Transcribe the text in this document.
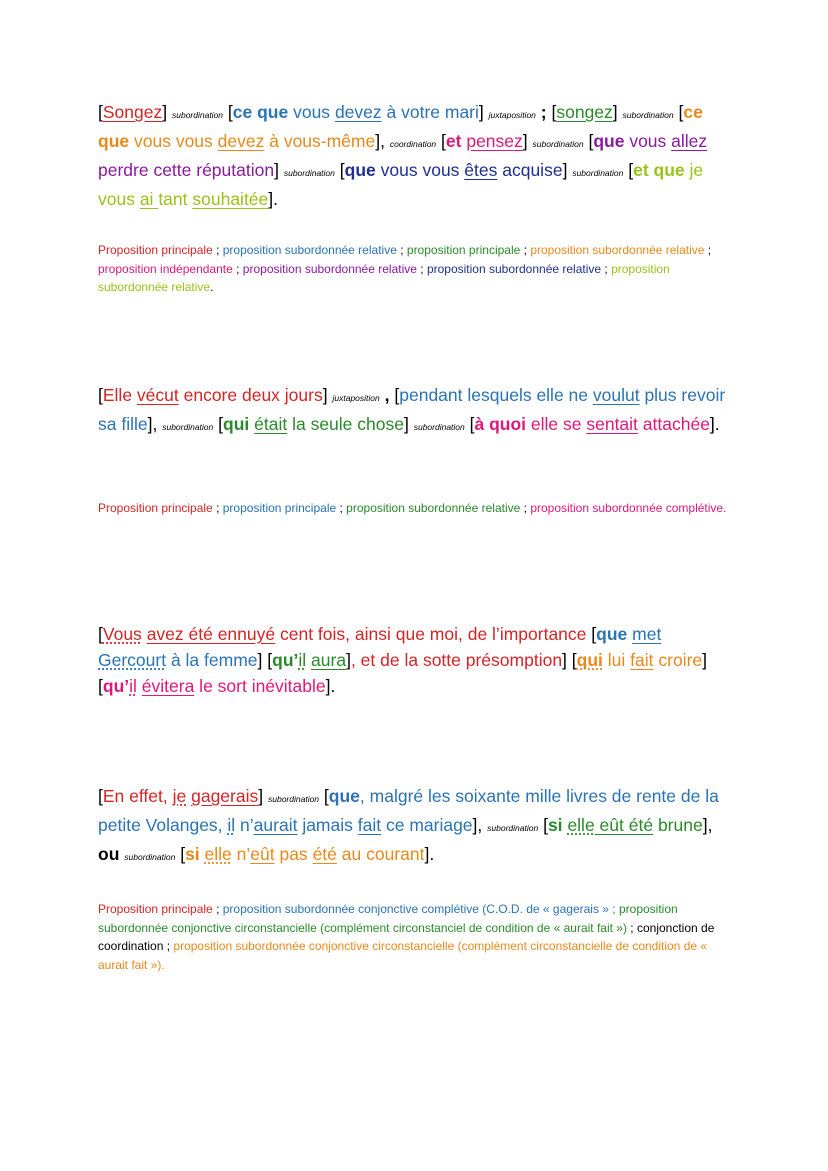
[Songez] subordination [ce que vous devez à votre mari] juxtaposition ; [songez] subordination [ce que vous vous devez à vous-même], coordination [et pensez] subordination [que vous allez perdre cette réputation] subordination [que vous vous êtes acquise] subordination [et que je vous ai tant souhaitée].
Proposition principale ; proposition subordonnée relative ; proposition principale ; proposition subordonnée relative ; proposition indépendante ; proposition subordonnée relative ; proposition subordonnée relative ; proposition subordonnée relative.
[Elle vécut encore deux jours] juxtaposition , [pendant lesquels elle ne voulut plus revoir sa fille], subordination [qui était la seule chose] subordination [à quoi elle se sentait attachée].
Proposition principale ; proposition principale ; proposition subordonnée relative ; proposition subordonnée complétive.
[Vous avez été ennuyé cent fois, ainsi que moi, de l’importance [que met Gercourt à la femme] [qu’il aura], et de la sotte présomption] [qui lui fait croire] [qu’il évitera le sort inévitable].
[En effet, je gagerais] subordination [que, malgré les soixante mille livres de rente de la petite Volanges, il n’aurait jamais fait ce mariage], subordination [si elle eût été brune], ou subordination [si elle n’eût pas été au courant].
Proposition principale ; proposition subordonnée conjonctive complétive (C.O.D. de « gagerais » ; proposition subordonnée conjonctive circonstancielle (complément circonstanciel de condition de « aurait fait ») ; conjonction de coordination ; proposition subordonnée conjonctive circonstancielle (complément circonstancielle de condition de « aurait fait »).
